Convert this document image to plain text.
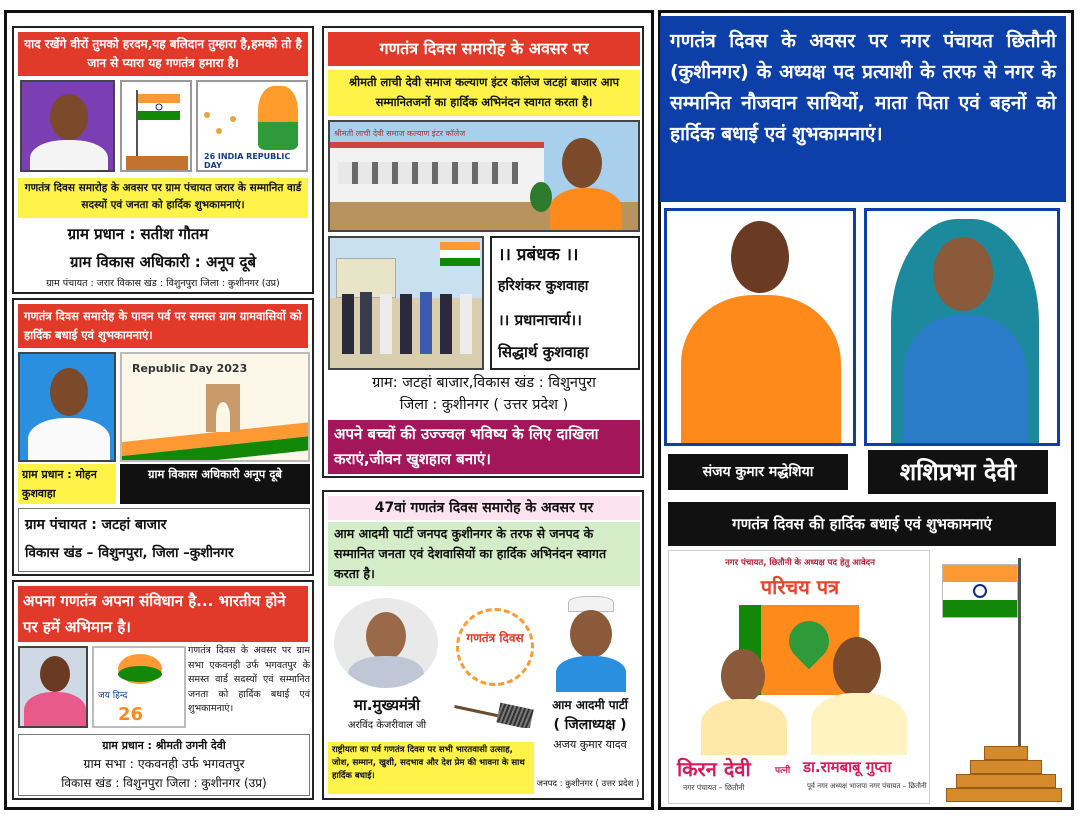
याद रखेंगे वीरों तुमको हरदम,यह बलिदान तुम्हारा है,हमको तो है जान से प्यारा यह गणतंत्र हमारा है।
26 INDIA REPUBLIC DAY
गणतंत्र दिवस समारोह के अवसर पर ग्राम पंचायत जरार के सम्मानित वार्ड सदस्यों एवं जनता को हार्दिक शुभकामनाएं।
ग्राम प्रधान : सतीश गौतम
ग्राम विकास अधिकारी : अनूप दूबे
ग्राम पंचायत : जरार विकास खंड : विशुनपुरा जिला : कुशीनगर (उप्र)
गणतंत्र दिवस समारोह के पावन पर्व पर समस्त ग्राम ग्रामवासियों को हार्दिक बधाई एवं शुभकामनाएं।
Republic Day 2023
ग्राम प्रधान : मोहन कुशवाहा
ग्राम विकास अधिकारी अनूप दूबे
ग्राम पंचायत : जटहां बाजार
विकास खंड – विशुनपुरा, जिला –कुशीनगर
अपना गणतंत्र अपना संविधान है... भारतीय होने पर हमें अभिमान है।
जय हिन्द
26
गणतंत्र दिवस के अवसर पर ग्राम सभा एकवनही उर्फ भगवतपुर के समस्त वार्ड सदस्यों एवं सम्मानित जनता को हार्दिक बधाई एवं शुभकामनाएं।
ग्राम प्रधान : श्रीमती उगनी देवी
ग्राम सभा : एकवनही उर्फ भगवतपुर
विकास खंड : विशुनपुरा जिला : कुशीनगर (उप्र)
गणतंत्र दिवस समारोह के अवसर पर
श्रीमती लाची देवी समाज कल्याण इंटर कॉलेज जटहां बाजार आप सम्मानितजनों का हार्दिक अभिनंदन स्वागत करता है।
श्रीमती लाची देवी समाज कल्याण इंटर कॉलेज
।। प्रबंधक ।।
हरिशंकर कुशवाहा
।। प्रधानाचार्य।।
सिद्धार्थ कुशवाहा
ग्राम: जटहां बाजार,विकास खंड : विशुनपुरा
जिला : कुशीनगर ( उत्तर प्रदेश )
अपने बच्चों की उज्ज्वल भविष्य के लिए दाखिला कराएं,जीवन खुशहाल बनाएं।
47वां गणतंत्र दिवस समारोह के अवसर पर
आम आदमी पार्टी जनपद कुशीनगर के तरफ से जनपद के सम्मानित जनता एवं देशवासियों का हार्दिक अभिनंदन स्वागत करता है।
मा.मुख्यमंत्री
अरविंद केजरीवाल जी
गणतंत्र दिवस
आम आदमी पार्टी
( जिलाध्यक्ष )
अजय कुमार यादव
राष्ट्रीयता का पर्व गणतंत्र दिवस पर सभी भारतवासी उत्साह, जोश, सम्मान, खुशी, सदभाव और देश प्रेम की भावना के साथ हार्दिक बधाई।
जनपद : कुशीनगर ( उत्तर प्रदेश )
गणतंत्र दिवस के अवसर पर नगर पंचायत छितौनी (कुशीनगर) के अध्यक्ष पद प्रत्याशी के तरफ से नगर के सम्मानित नौजवान साथियों, माता पिता एवं बहनों को हार्दिक बधाई एवं शुभकामनाएं।
संजय कुमार मद्धेशिया	शशिप्रभा देवी
गणतंत्र दिवस की हार्दिक बधाई एवं शुभकामनाएं
नगर पंचायत, छितौनी के अध्यक्ष पद हेतु आवेदन
परिचय पत्र
किरन देवी	पत्नी डा.रामबाबू गुप्ता
नगर पंचायत – छितौनी	पूर्व नगर अध्यक्ष भाजपा नगर पंचायत – छितौनी
